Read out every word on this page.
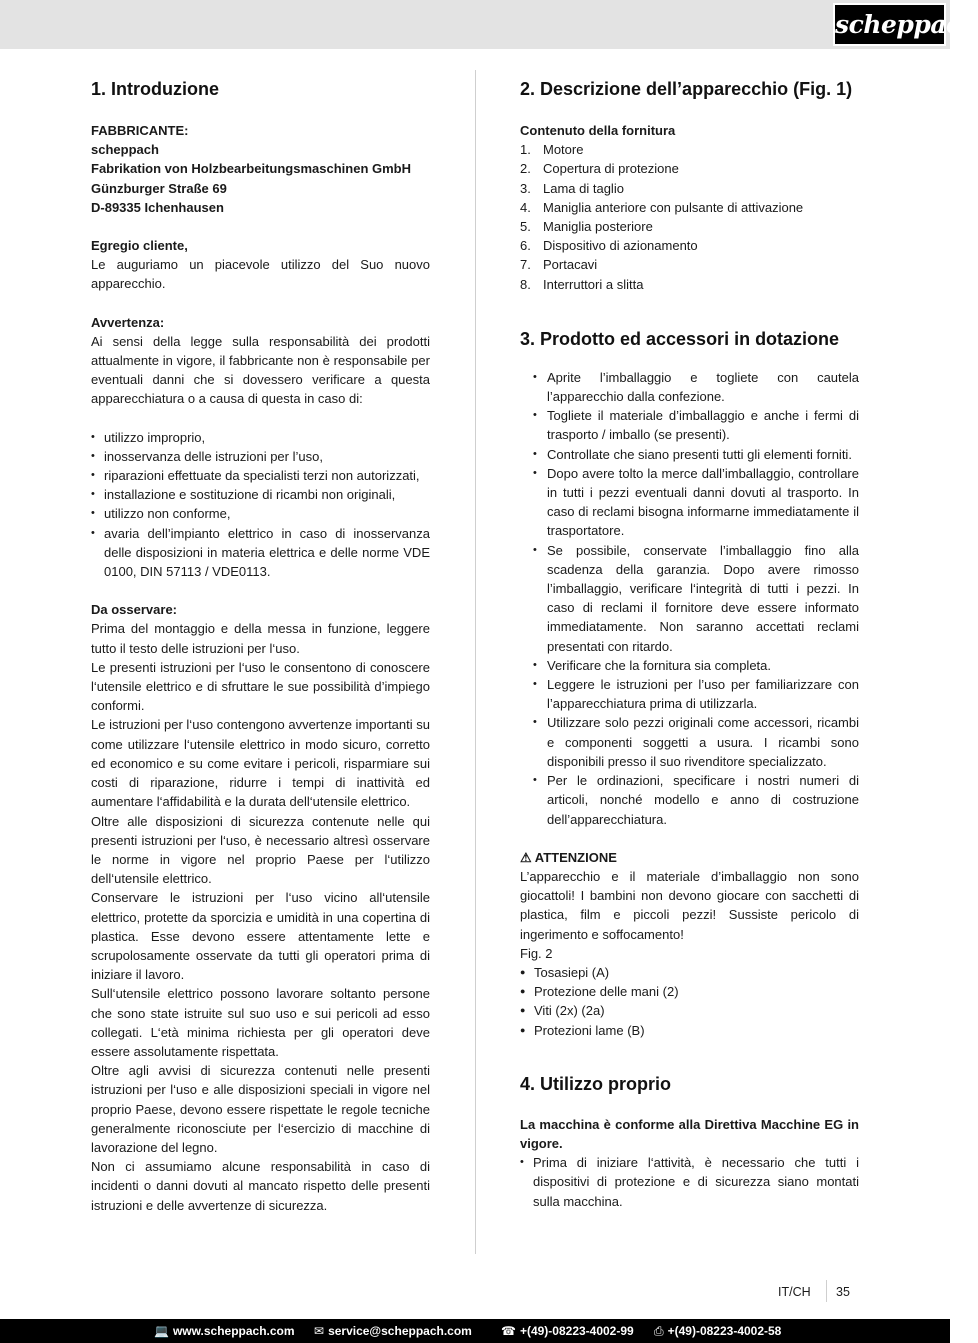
scheppach
1. Introduzione
FABBRICANTE:
scheppach
Fabrikation von Holzbearbeitungsmaschinen GmbH
Günzburger Straße 69
D-89335 Ichenhausen
Egregio cliente,

Le auguriamo un piacevole utilizzo del Suo nuovo apparecchio.

Avvertenza:

Ai sensi della legge sulla responsabilità dei prodotti attualmente in vigore, il fabbricante non è responsabile per eventuali danni che si dovessero verificare a questa apparecchiatura o a causa di questa in caso di:

• utilizzo improprio,
• inosservanza delle istruzioni per l’uso,
• riparazioni effettuate da specialisti terzi non autorizzati,
• installazione e sostituzione di ricambi non originali,
• utilizzo non conforme,
• avaria dell’impianto elettrico in caso di inosservanza delle disposizioni in materia elettrica e delle norme VDE 0100, DIN 57113 / VDE0113.
Da osservare:

Prima del montaggio e della messa in funzione, leggere tutto il testo delle istruzioni per l‘uso.

Le presenti istruzioni per l‘uso le consentono di conoscere l‘utensile elettrico e di sfruttare le sue possibilità d’impiego conformi.

Le istruzioni per l‘uso contengono avvertenze importanti su come utilizzare l‘utensile elettrico in modo sicuro, corretto ed economico e su come evitare i pericoli, risparmiare sui costi di riparazione, ridurre i tempi di inattività ed aumentare l‘affidabilità e la durata dell‘utensile elettrico.

Oltre alle disposizioni di sicurezza contenute nelle qui presenti istruzioni per l‘uso, è necessario altresì osservare le norme in vigore nel proprio Paese per l‘utilizzo dell‘utensile elettrico.

Conservare le istruzioni per l‘uso vicino all‘utensile elettrico, protette da sporcizia e umidità in una copertina di plastica. Esse devono essere attentamente lette e scrupolosamente osservate da tutti gli operatori prima di iniziare il lavoro.

Sull‘utensile elettrico possono lavorare soltanto persone che sono state istruite sul suo uso e sui pericoli ad esso collegati. L‘età minima richiesta per gli operatori deve essere assolutamente rispettata.

Oltre agli avvisi di sicurezza contenuti nelle presenti istruzioni per l‘uso e alle disposizioni speciali in vigore nel proprio Paese, devono essere rispettate le regole tecniche generalmente riconosciute per l‘esercizio di macchine di lavorazione del legno.

Non ci assumiamo alcune responsabilità in caso di incidenti o danni dovuti al mancato rispetto delle presenti istruzioni e delle avvertenze di sicurezza.

2. Descrizione dell’apparecchio (Fig. 1)
Contenuto della fornitura
1. Motore
2. Copertura di protezione
3. Lama di taglio
4. Maniglia anteriore con pulsante di attivazione
5. Maniglia posteriore
6. Dispositivo di azionamento
7. Portacavi
8. Interruttori a slitta
3. Prodotto ed accessori in dotazione
• Aprite l’imballaggio e togliete con cautela l’apparecchio dalla confezione.
• Togliete il materiale d’imballaggio e anche i fermi di trasporto / imballo (se presenti).
• Controllate che siano presenti tutti gli elementi forniti.
• Dopo avere tolto la merce dall’imballaggio, controllare in tutti i pezzi eventuali danni dovuti al trasporto. In caso di reclami bisogna informarne immediatamente il trasportatore.
• Se possibile, conservate l’imballaggio fino alla scadenza della garanzia. Dopo avere rimosso l’imballaggio, verificare l‘integrità di tutti i pezzi. In caso di reclami il fornitore deve essere informato immediatamente. Non saranno accettati reclami presentati con ritardo.
• Verificare che la fornitura sia completa.
• Leggere le istruzioni per l’uso per familiarizzare con l’apparecchiatura prima di utilizzarla.
• Utilizzare solo pezzi originali come accessori, ricambi e componenti soggetti a usura. I ricambi sono disponibili presso il suo rivenditore specializzato.
• Per le ordinazioni, specificare i nostri numeri di articoli, nonché modello e anno di costruzione dell’apparecchiatura.
⚠ ATTENZIONE

L’apparecchio e il materiale d’imballaggio non sono giocattoli! I bambini non devono giocare con sacchetti di plastica, film e piccoli pezzi! Sussiste pericolo di ingerimento e soffocamento!

Fig. 2
● Tosasiepi (A)
● Protezione delle mani (2)
● Viti (2x) (2a)
● Protezioni lame (B)
4. Utilizzo proprio
La macchina è conforme alla Direttiva Macchine EG in vigore.
• Prima di iniziare l‘attività, è necessario che tutti i dispositivi di protezione e di sicurezza siano montati sulla macchina.
IT/CH 35
💻 www.scheppach.com ✉ service@scheppach.com ☎ +(49)-08223-4002-99 ⎙ +(49)-08223-4002-58
